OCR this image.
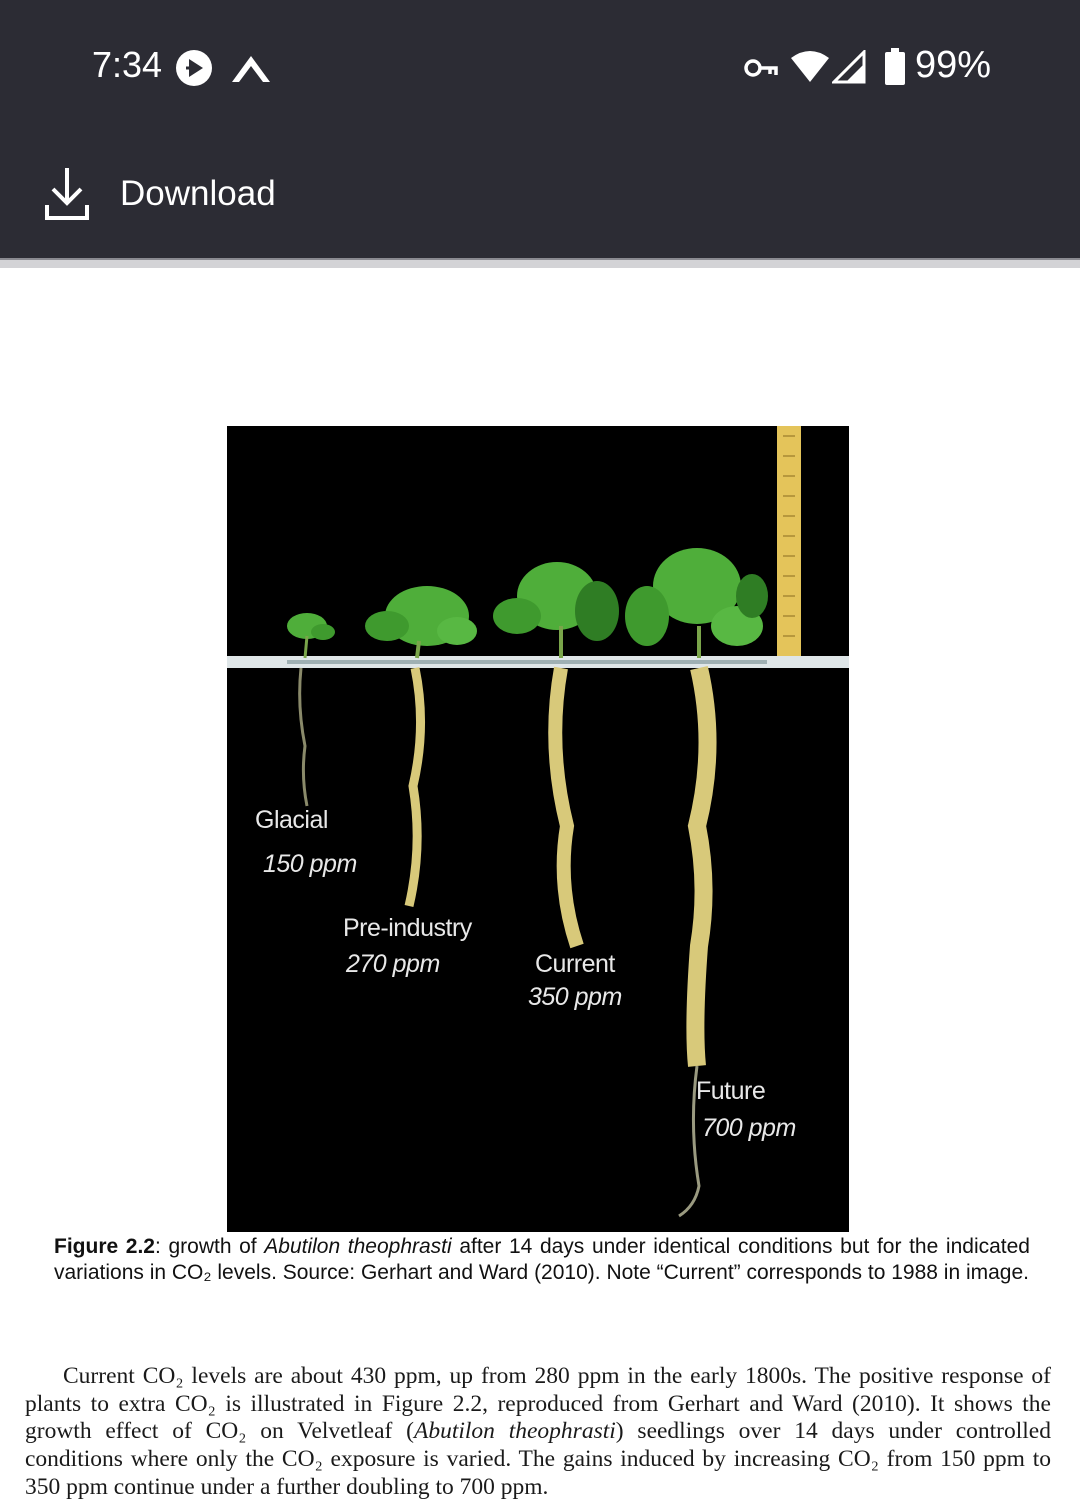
7:34	99%
Download
Glacial
150 ppm
Pre-industry
270 ppm	Current
350 ppm
Future
700 ppm
Figure 2.2: growth of Abutilon theophrasti after 14 days under identical conditions but for the indicated variations in CO₂ levels. Source: Gerhart and Ward (2010). Note “Current” corresponds to 1988 in image.
Current CO₂ levels are about 430 ppm, up from 280 ppm in the early 1800s. The positive response of plants to extra CO₂ is illustrated in Figure 2.2, reproduced from Gerhart and Ward (2010). It shows the growth effect of CO₂ on Velvetleaf (Abutilon theophrasti) seedlings over 14 days under controlled conditions where only the CO₂ exposure is varied. The gains induced by increasing CO₂ from 150 ppm to 350 ppm continue under a further doubling to 700 ppm.
